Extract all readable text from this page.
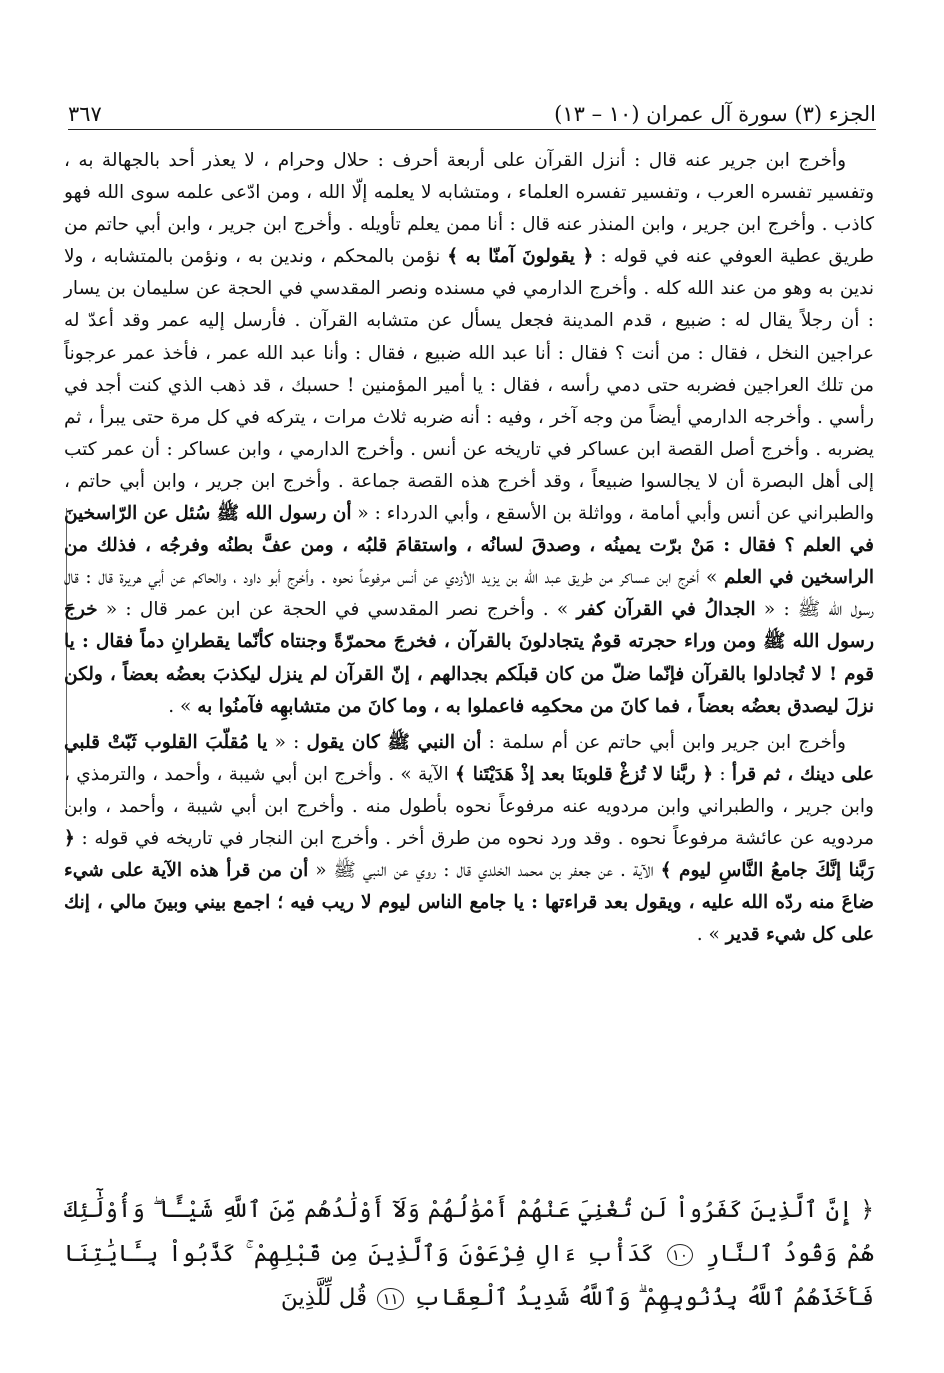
٣٦٧	الجزء (٣) سورة آل عمران (١٠ – ١٣)

وأخرج ابن جرير عنه قال : أنزل القرآن على أربعة أحرف : حلال وحرام ، لا يعذر أحد بالجهالة به ، وتفسير تفسره العرب ، وتفسير تفسره العلماء ، ومتشابه لا يعلمه إلّا الله ، ومن ادّعى علمه سوى الله فهو كاذب . وأخرج ابن جرير ، وابن المنذر عنه قال : أنا ممن يعلم تأويله . وأخرج ابن جرير ، وابن أبي حاتم من طريق عطية العوفي عنه في قوله : ﴿ يقولونَ آمنّا به ﴾ نؤمن بالمحكم ، وندين به ، ونؤمن بالمتشابه ، ولا ندين به وهو من عند الله كله . وأخرج الدارمي في مسنده ونصر المقدسي في الحجة عن سليمان بن يسار : أن رجلاً يقال له : ضبيع ، قدم المدينة فجعل يسأل عن متشابه القرآن . فأرسل إليه عمر وقد أعدّ له عراجين النخل ، فقال : من أنت ؟ فقال : أنا عبد الله ضبيع ، فقال : وأنا عبد الله عمر ، فأخذ عمر عرجوناً من تلك العراجين فضربه حتى دمي رأسه ، فقال : يا أمير المؤمنين ! حسبك ، قد ذهب الذي كنت أجد في رأسي . وأخرجه الدارمي أيضاً من وجه آخر ، وفيه : أنه ضربه ثلاث مرات ، يتركه في كل مرة حتى يبرأ ، ثم يضربه . وأخرج أصل القصة ابن عساكر في تاريخه عن أنس . وأخرج الدارمي ، وابن عساكر : أن عمر كتب إلى أهل البصرة أن لا يجالسوا ضبيعاً ، وقد أخرج هذه القصة جماعة . وأخرج ابن جرير ، وابن أبي حاتم ، والطبراني عن أنس وأبي أمامة ، وواثلة بن الأسقع ، وأبي الدرداء : « أن رسول الله ﷺ سُئل عن الرّاسخينَ في العلم ؟ فقال : مَنْ برّت يمينُه ، وصدقَ لسانُه ، واستقامَ قلبُه ، ومن عفَّ بطنُه وفرجُه ، فذلك من الراسخين في العلم » أخرج ابن عساكر من طريق عبد الله بن يزيد الأزدي عن أنس مرفوعاً نحوه . وأخرج أبو داود ، والحاكم عن أبي هريرة قال : قال رسول الله ﷺ : « الجدالُ في القرآن كفر » . وأخرج نصر المقدسي في الحجة عن ابن عمر قال : « خرجَ رسول الله ﷺ ومن وراء حجرته قومٌ يتجادلونَ بالقرآن ، فخرجَ محمرّةً وجنتاه كأنّما يقطرانِ دماً فقال : يا قوم ! لا تُجادلوا بالقرآن فإنّما ضلّ من كان قبلَكم بجدالهم ، إنّ القرآن لم ينزل ليكذبَ بعضُه بعضاً ، ولكن نزلَ ليصدق بعضُه بعضاً ، فما كانَ من محكمِه فاعملوا به ، وما كانَ من متشابهِه فآمنُوا به » .

وأخرج ابن جرير وابن أبي حاتم عن أم سلمة : أن النبي ﷺ كان يقول : « يا مُقلّبَ القلوب ثَبّتْ قلبي على دينك ، ثم قرأ : ﴿ ربَّنا لا تُزغْ قلوبنَا بعد إذْ هَدَيْتَنا ﴾ الآية » . وأخرج ابن أبي شيبة ، وأحمد ، والترمذي ، وابن جرير ، والطبراني وابن مردويه عنه مرفوعاً نحوه بأطول منه . وأخرج ابن أبي شيبة ، وأحمد ، وابن مردويه عن عائشة مرفوعاً نحوه . وقد ورد نحوه من طرق أخر . وأخرج ابن النجار في تاريخه في قوله : ﴿ رَبَّنا إنَّكَ جامعُ النَّاسِ ليوم ﴾ الآية . عن جعفر بن محمد الخلدي قال : روي عن النبي ﷺ « أن من قرأ هذه الآية على شيء ضاعَ منه ردّه الله عليه ، ويقول بعد قراءتها : يا جامع الناس ليوم لا ريب فيه ؛ اجمع بيني وبينَ مالي ، إنك على كل شيء قدير » .

﴿ إِنَّ ٱلَّذِينَ كَفَرُواْ لَن تُغْنِيَ عَنْهُمْ أَمْوَٰلُهُمْ وَلَآ أَوْلَٰدُهُم مِّنَ ٱللَّهِ شَيْـًٔا ۖ وَأُوْلَٰٓئِكَ هُمْ وَقُودُ ٱلنَّارِ ١٠ كَدَأْبِ ءَالِ فِرْعَوْنَ وَٱلَّذِينَ مِن قَبْلِهِمْ ۚ كَذَّبُواْ بِـَٔايَٰتِنَا فَأَخَذَهُمُ ٱللَّهُ بِذُنُوبِهِمْ ۗ وَٱللَّهُ شَدِيدُ ٱلْعِقَابِ ١١ قُل لِّلَّذِينَ
